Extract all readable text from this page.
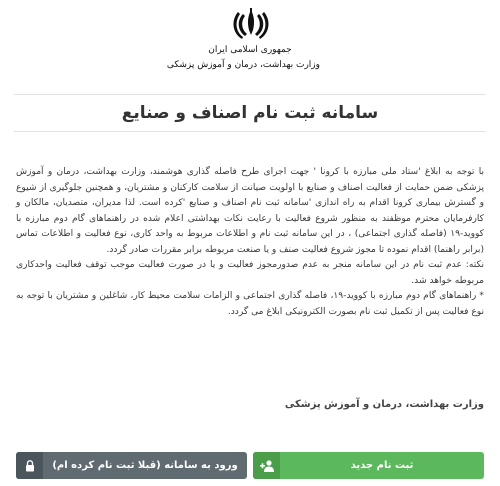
جمهوری اسلامی ایران
وزارت بهداشت، درمان و آموزش پزشکی
سامانه ثبت نام اصناف و صنایع

با توجه به ابلاغ 'ستاد ملی مبارزه با کرونا ' جهت اجرای طرح فاصله گذاری هوشمند، وزارت بهداشت، درمان و آموزش پزشکی ضمن حمایت از فعالیت اصناف و صنایع با اولویت صیانت از سلامت کارکنان و مشتریان، و همچنین جلوگیری از شیوع و گسترش بیماری کرونا اقدام به راه اندازی 'سامانه ثبت نام اصناف و صنایع 'کرده است. لذا مدیران، متصدیان، مالکان و کارفرمایان محترم موظفند به منظور شروع فعالیت با رعایت نکات بهداشتی اعلام شده در راهنماهای گام دوم مبارزه با کووید-۱۹ (فاصله گذاری اجتماعی) ، در این سامانه ثبت نام و اطلاعات مربوط به واحد کاری، نوع فعالیت و اطلاعات تماس (برابر راهنما) اقدام نموده تا مجوز شروع فعالیت صنف و یا صنعت مربوطه برابر مقررات صادر گردد.

نکته: عدم ثبت نام در این سامانه منجر به عدم صدورمجوز فعالیت و یا در صورت فعالیت موجب توقف فعالیت واحدکاری مربوطه خواهد شد.

* راهنماهای گام دوم مبارزه با کووید-۱۹، فاصله گذاری اجتماعی و الزامات سلامت محیط کار، شاغلین و مشتریان با توجه به نوع فعالیت پس از تکمیل ثبت نام بصورت الکترونیکی ابلاغ می گردد.

وزارت بهداشت، درمان و آموزش پزشکی
ثبت نام جدید
ورود به سامانه (قبلا ثبت نام کرده ام)
